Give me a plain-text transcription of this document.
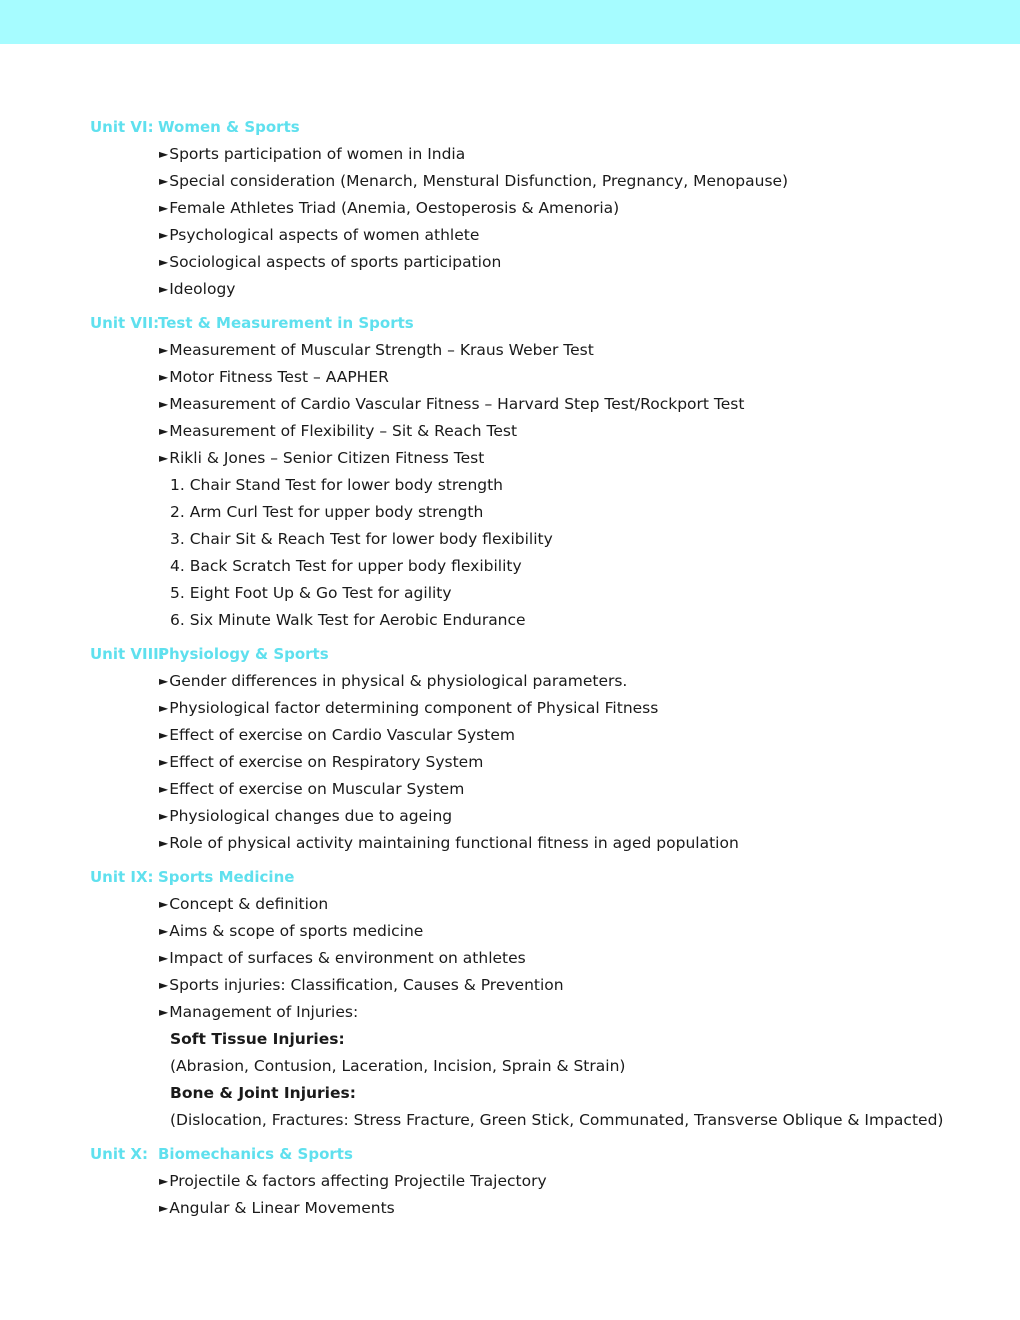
Unit VI: Women & Sports
►Sports participation of women in India
►Special consideration (Menarch, Menstural Disfunction, Pregnancy, Menopause)
►Female Athletes Triad (Anemia, Oestoperosis & Amenoria)
►Psychological aspects of women athlete
►Sociological aspects of sports participation
►Ideology
Unit VII:Test & Measurement in Sports
►Measurement of Muscular Strength – Kraus Weber Test
►Motor Fitness Test – AAPHER
►Measurement of Cardio Vascular Fitness – Harvard Step Test/Rockport Test
►Measurement of Flexibility – Sit & Reach Test
►Rikli & Jones – Senior Citizen Fitness Test
1. Chair Stand Test for lower body strength
2. Arm Curl Test for upper body strength
3. Chair Sit & Reach Test for lower body flexibility
4. Back Scratch Test for upper body flexibility
5. Eight Foot Up & Go Test for agility
6. Six Minute Walk Test for Aerobic Endurance
Unit VIII:Physiology & Sports
►Gender differences in physical & physiological parameters.
►Physiological factor determining component of Physical Fitness
►Effect of exercise on Cardio Vascular System
►Effect of exercise on Respiratory System
►Effect of exercise on Muscular System
►Physiological changes due to ageing
►Role of physical activity maintaining functional fitness in aged population
Unit IX: Sports Medicine
►Concept & definition
►Aims & scope of sports medicine
►Impact of surfaces & environment on athletes
►Sports injuries: Classification, Causes & Prevention
►Management of Injuries:
Soft Tissue Injuries:
(Abrasion, Contusion, Laceration, Incision, Sprain & Strain)
Bone & Joint Injuries:
(Dislocation, Fractures: Stress Fracture, Green Stick, Communated, Transverse Oblique & Impacted)
Unit X: Biomechanics & Sports
►Projectile & factors affecting Projectile Trajectory
►Angular & Linear Movements
